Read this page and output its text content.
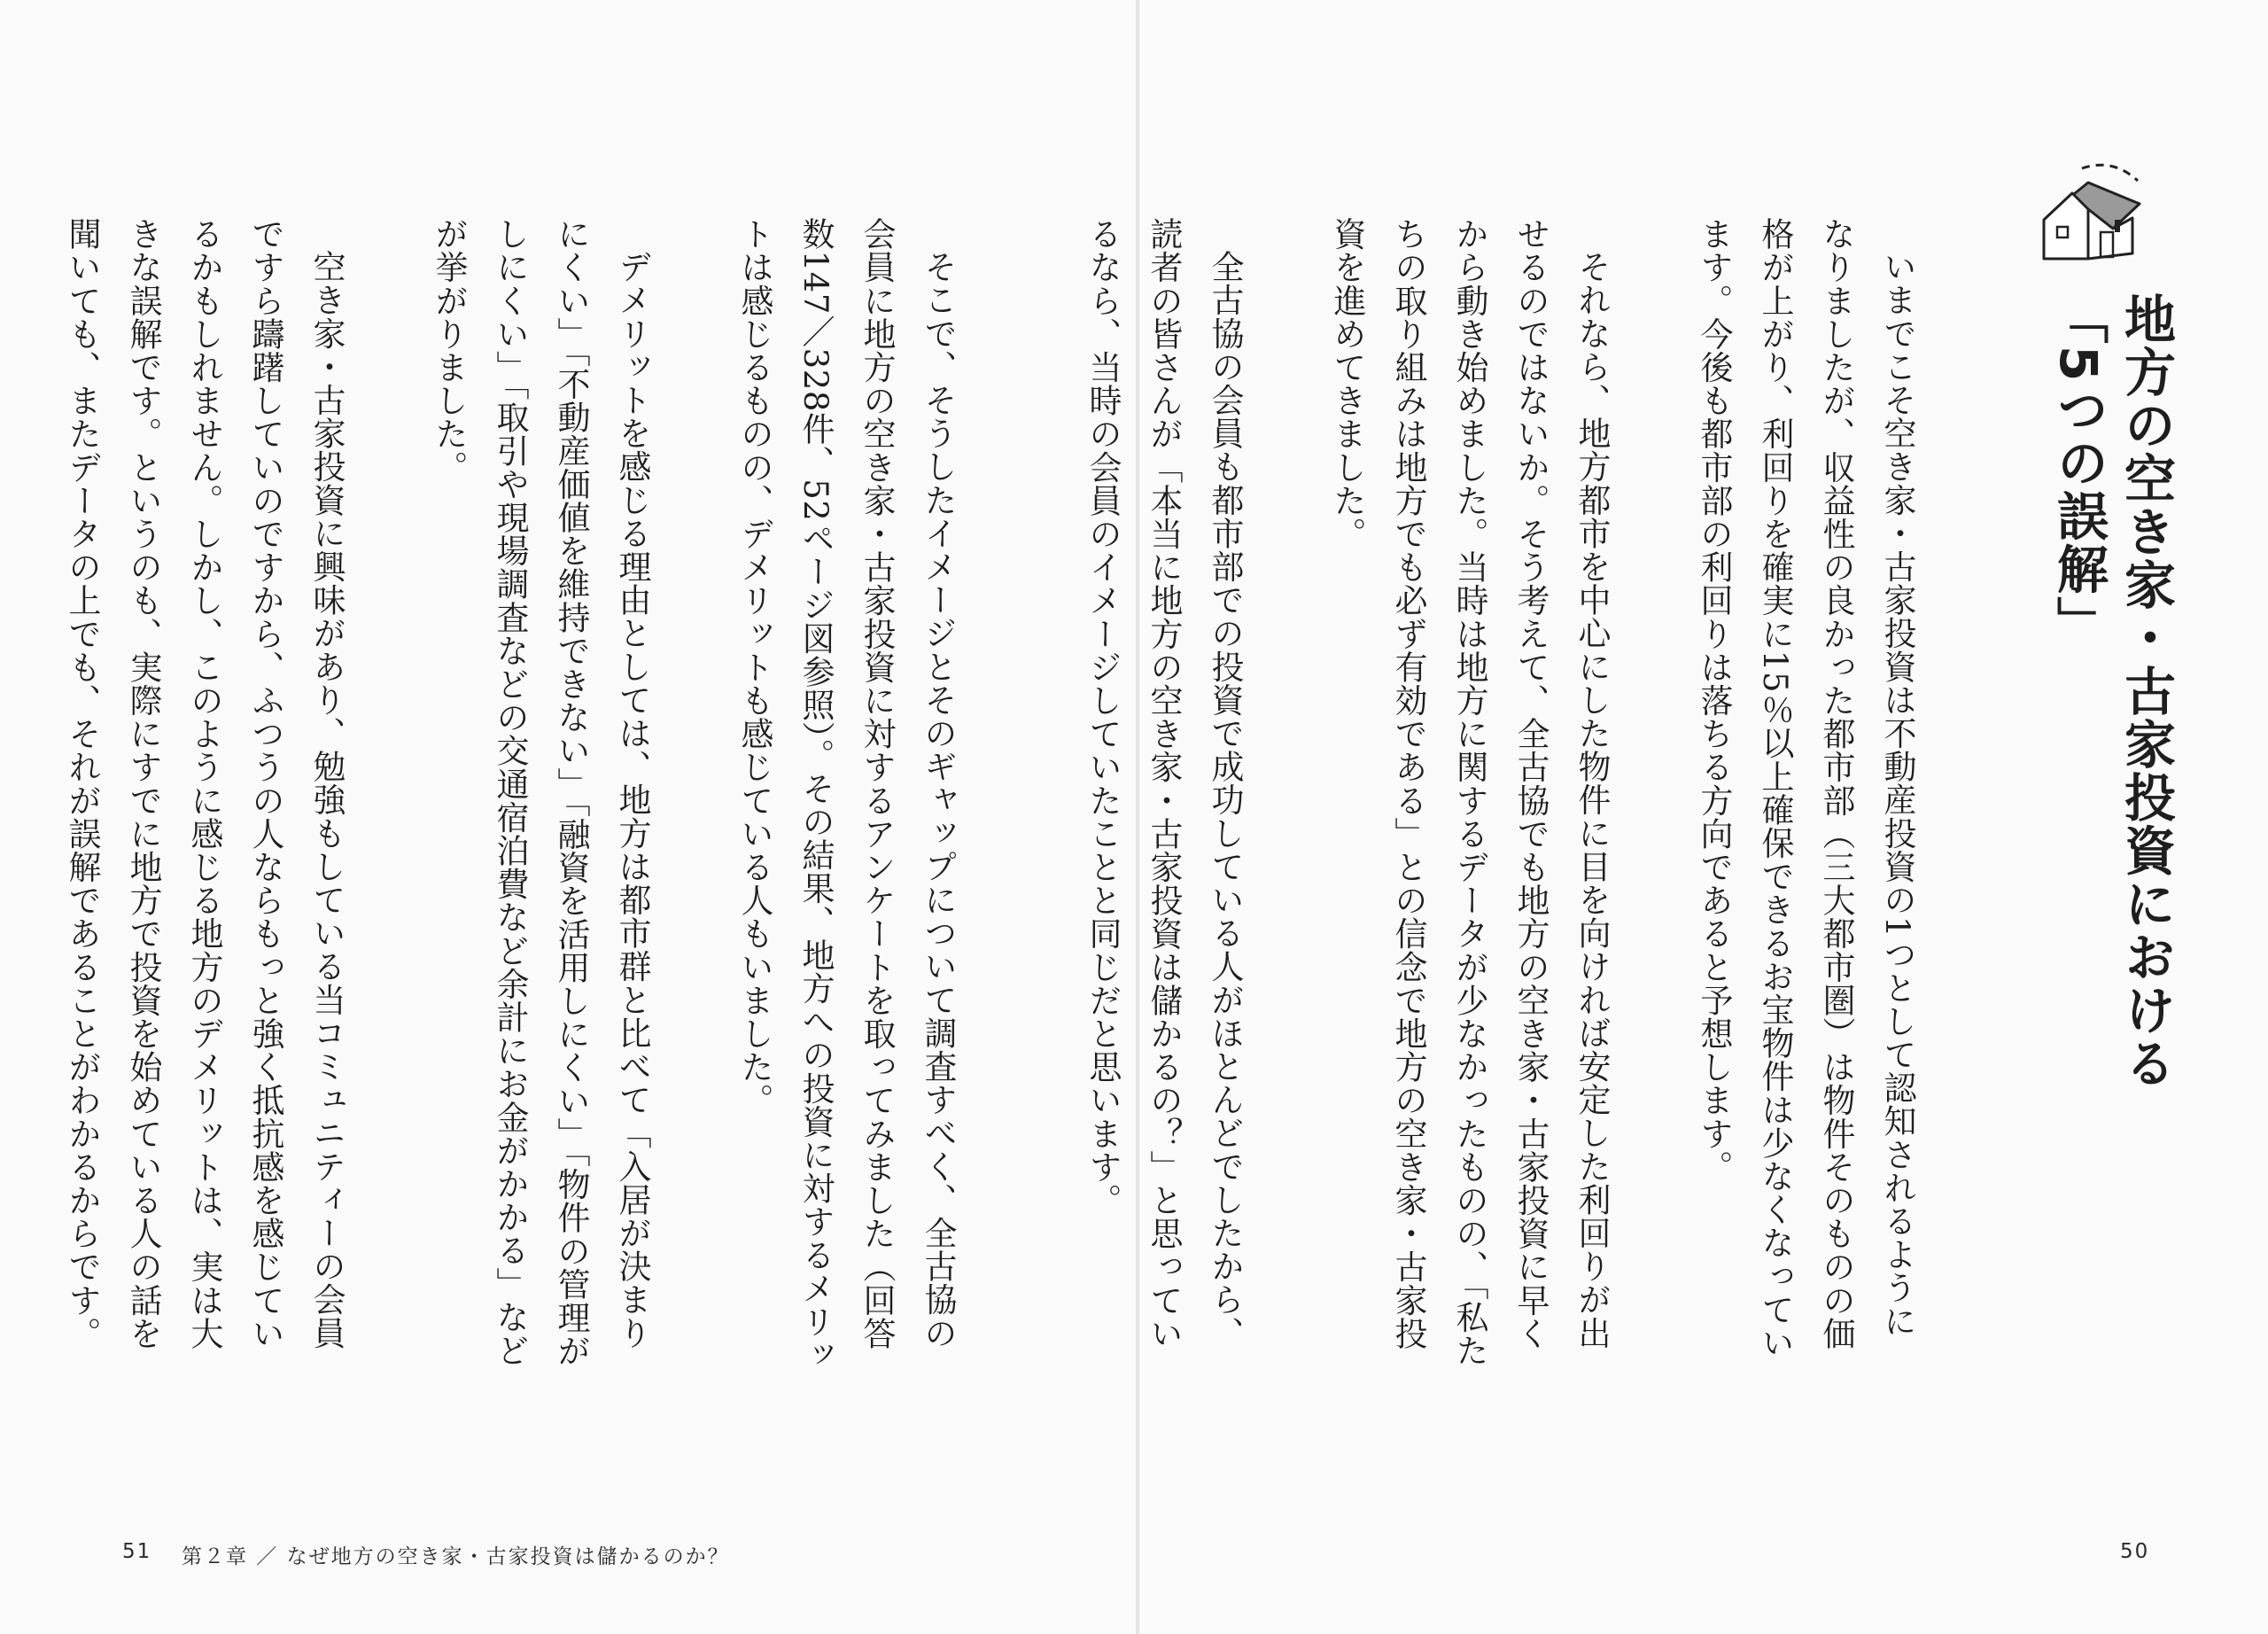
そこで、そうしたイメージとそのギャップについて調査すべく、全古協の会員に地方の空き家・古家投資に対するアンケートを取ってみました（回答数147／328件、52ページ図参照）。その結果、地方への投資に対するメリットは感じるものの、デメリットも感じている人もいました。

デメリットを感じる理由としては、地方は都市群と比べて「入居が決まりにくい」「不動産価値を維持できない」「融資を活用しにくい」「物件の管理がしにくい」「取引や現場調査などの交通宿泊費など余計にお金がかかる」などが挙がりました。

空き家・古家投資に興味があり、勉強もしている当コミュニティーの会員ですら躊躇していのですから、ふつうの人ならもっと強く抵抗感を感じているかもしれません。しかし、このように感じる地方のデメリットは、実は大きな誤解です。というのも、実際にすでに地方で投資を始めている人の話を聞いても、またデータの上でも、それが誤解であることがわかるからです。

51 第２章 ／ なぜ地方の空き家・古家投資は儲かるのか？
地方の空き家・古家投資における
「5つの誤解」

いまでこそ空き家・古家投資は不動産投資の1つとして認知されるようになりましたが、収益性の良かった都市部（三大都市圏）は物件そのものの価格が上がり、利回りを確実に15％以上確保できるお宝物件は少なくなっています。今後も都市部の利回りは落ちる方向であると予想します。

それなら、地方都市を中心にした物件に目を向ければ安定した利回りが出せるのではないか。そう考えて、全古協でも地方の空き家・古家投資に早くから動き始めました。当時は地方に関するデータが少なかったものの、「私たちの取り組みは地方でも必ず有効である」との信念で地方の空き家・古家投資を進めてきました。

全古協の会員も都市部での投資で成功している人がほとんどでしたから、読者の皆さんが「本当に地方の空き家・古家投資は儲かるの？」と思っているなら、当時の会員のイメージしていたことと同じだと思います。

50
